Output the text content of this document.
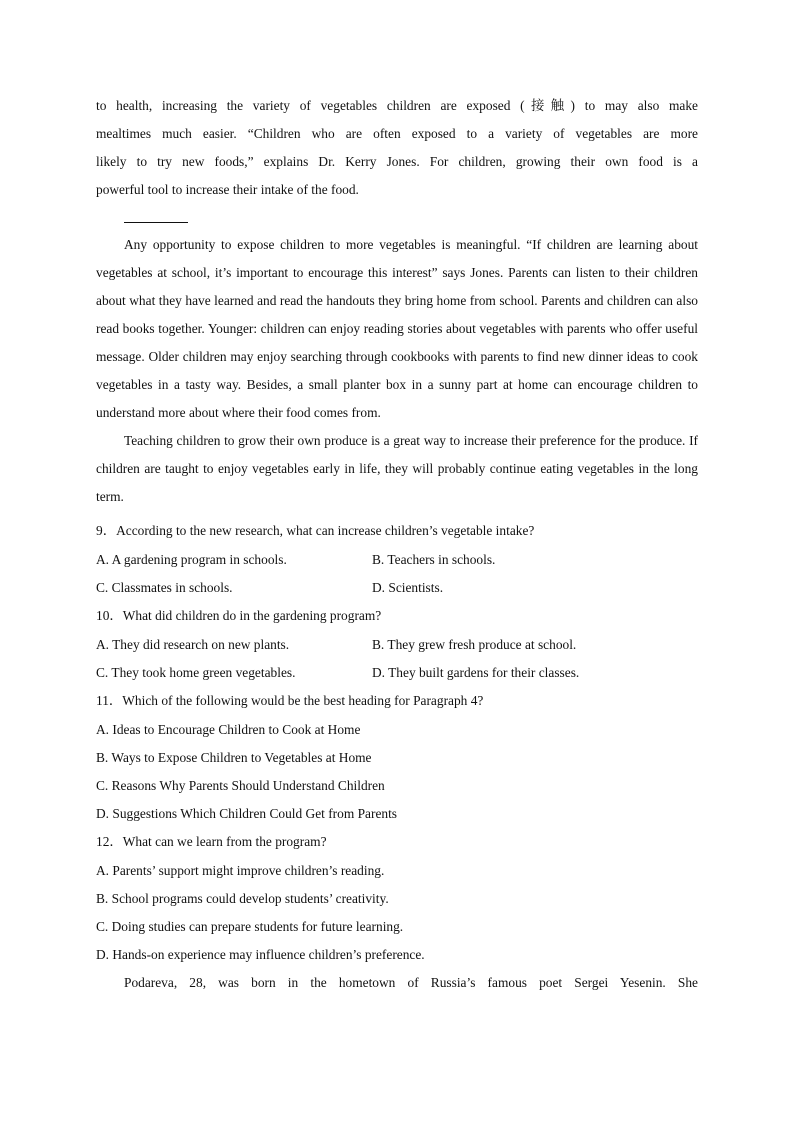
to health, increasing the variety of vegetables children are exposed (接触) to may also make

mealtimes much easier. “Children who are often exposed to a variety of vegetables are more

likely to try new foods,” explains Dr. Kerry Jones. For children, growing their own food is a

powerful tool to increase their intake of the food.

Any opportunity to expose children to more vegetables is meaningful. “If children are learning about vegetables at school, it’s important to encourage this interest” says Jones. Parents can listen to their children about what they have learned and read the handouts they bring home from school. Parents and children can also read books together. Younger: children can enjoy reading stories about vegetables with parents who offer useful message. Older children may enjoy searching through cookbooks with parents to find new dinner ideas to cook vegetables in a tasty way. Besides, a small planter box in a sunny part at home can encourage children to understand more about where their food comes from.

Teaching children to grow their own produce is a great way to increase their preference for the produce. If children are taught to enjoy vegetables early in life, they will probably continue eating vegetables in the long term.

9．According to the new research, what can increase children’s vegetable intake?

A. A gardening program in schools.	B. Teachers in schools.
C. Classmates in schools.	D. Scientists.

10．What did children do in the gardening program?

A. They did research on new plants.	B. They grew fresh produce at school.
C. They took home green vegetables.	D. They built gardens for their classes.

11．Which of the following would be the best heading for Paragraph 4?

A. Ideas to Encourage Children to Cook at Home
B. Ways to Expose Children to Vegetables at Home
C. Reasons Why Parents Should Understand Children
D. Suggestions Which Children Could Get from Parents

12．What can we learn from the program?

A. Parents’ support might improve children’s reading.
B. School programs could develop students’ creativity.
C. Doing studies can prepare students for future learning.
D. Hands-on experience may influence children’s preference.

Podareva, 28, was born in the hometown of Russia’s famous poet Sergei Yesenin. She
